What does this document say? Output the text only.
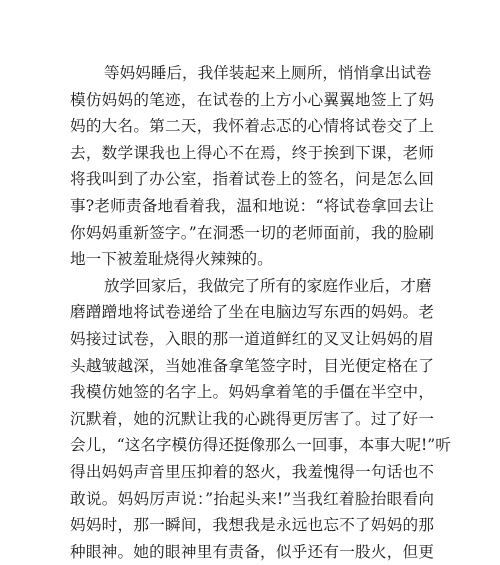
等妈妈睡后，我佯装起来上厕所，悄悄拿出试卷
模仿妈妈的笔迹，在试卷的上方小心翼翼地签上了妈
妈的大名。第二天，我怀着忐忑的心情将试卷交了上
去，数学课我也上得心不在焉，终于挨到下课，老师
将我叫到了办公室，指着试卷上的签名，问是怎么回
事?老师责备地看着我，温和地说：“将试卷拿回去让
你妈妈重新签字。”在洞悉一切的老师面前，我的脸刷
地一下被羞耻烧得火辣辣的。
放学回家后，我做完了所有的家庭作业后，才磨
磨蹭蹭地将试卷递给了坐在电脑边写东西的妈妈。老
妈接过试卷，入眼的那一道道鲜红的叉叉让妈妈的眉
头越皱越深，当她准备拿笔签字时，目光便定格在了
我模仿她签的名字上。妈妈拿着笔的手僵在半空中，
沉默着，她的沉默让我的心跳得更厉害了。过了好一
会儿，“这名字模仿得还挺像那么一回事，本事大呢!”听
得出妈妈声音里压抑着的怒火，我羞愧得一句话也不
敢说。妈妈厉声说：”抬起头来!”当我红着脸抬眼看向
妈妈时，那一瞬间，我想我是永远也忘不了妈妈的那
种眼神。她的眼神里有责备，似乎还有一股火，但更
